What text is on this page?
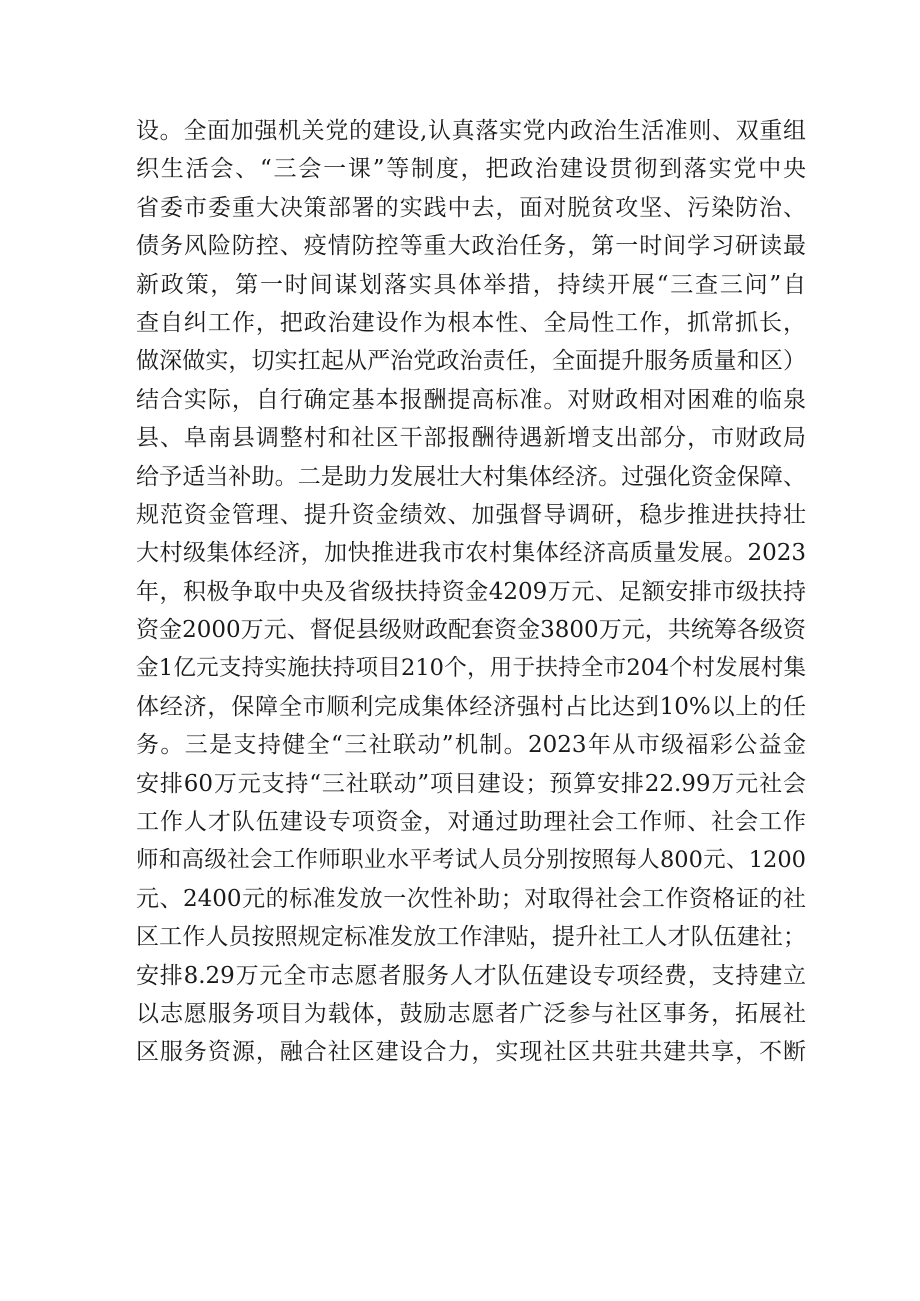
设。全面加强机关党的建设,认真落实党内政治生活准则、双重组
织生活会、“三会一课”等制度，把政治建设贯彻到落实党中央
省委市委重大决策部署的实践中去，面对脱贫攻坚、污染防治、
债务风险防控、疫情防控等重大政治任务，第一时间学习研读最
新政策，第一时间谋划落实具体举措，持续开展“三查三问”自
查自纠工作，把政治建设作为根本性、全局性工作，抓常抓长，
做深做实，切实扛起从严治党政治责任，全面提升服务质量和区）
结合实际，自行确定基本报酬提高标准。对财政相对困难的临泉
县、阜南县调整村和社区干部报酬待遇新增支出部分，市财政局
给予适当补助。二是助力发展壮大村集体经济。过强化资金保障、
规范资金管理、提升资金绩效、加强督导调研，稳步推进扶持壮
大村级集体经济，加快推进我市农村集体经济高质量发展。2023
年，积极争取中央及省级扶持资金4209万元、足额安排市级扶持
资金2000万元、督促县级财政配套资金3800万元，共统筹各级资
金1亿元支持实施扶持项目210个，用于扶持全市204个村发展村集
体经济，保障全市顺利完成集体经济强村占比达到10%以上的任
务。三是支持健全“三社联动”机制。2023年从市级福彩公益金
安排60万元支持“三社联动”项目建设；预算安排22.99万元社会
工作人才队伍建设专项资金，对通过助理社会工作师、社会工作
师和高级社会工作师职业水平考试人员分别按照每人800元、1200
元、2400元的标准发放一次性补助；对取得社会工作资格证的社
区工作人员按照规定标准发放工作津贴，提升社工人才队伍建社；
安排8.29万元全市志愿者服务人才队伍建设专项经费，支持建立
以志愿服务项目为载体，鼓励志愿者广泛参与社区事务，拓展社
区服务资源，融合社区建设合力，实现社区共驻共建共享，不断
